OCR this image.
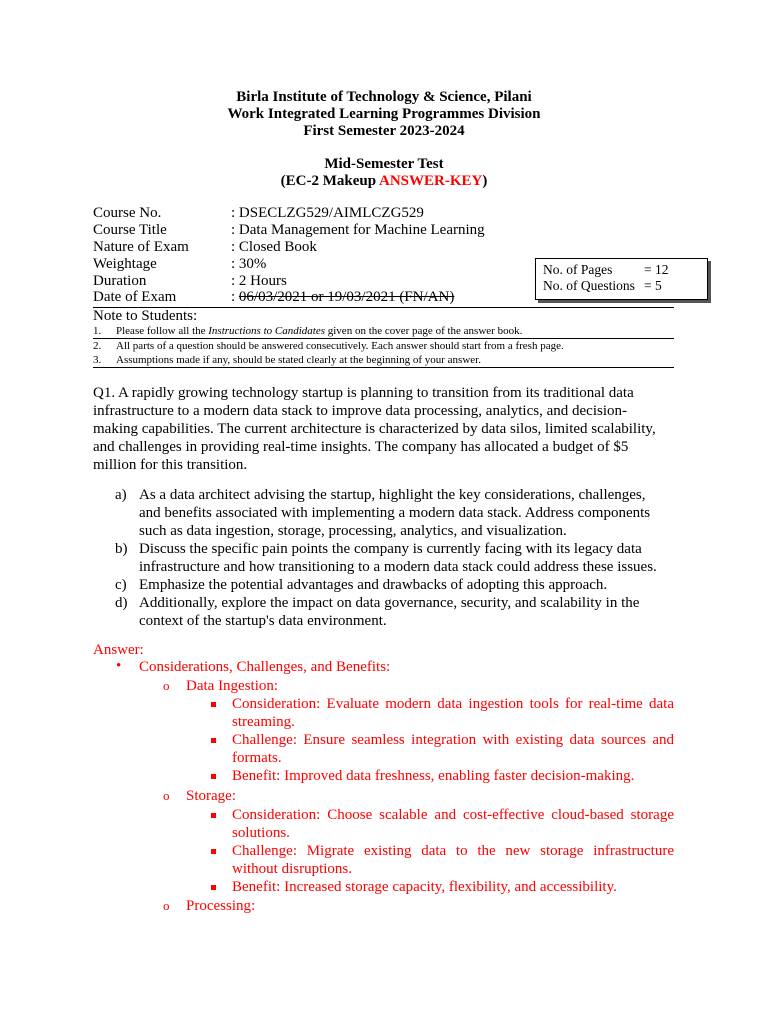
Birla Institute of Technology & Science, Pilani
Work Integrated Learning Programmes Division
First Semester 2023-2024
Mid-Semester Test
(EC-2 Makeup ANSWER-KEY)
Course No.	: DSECLZG529/AIMLCZG529
Course Title	: Data Management for Machine Learning
Nature of Exam	: Closed Book
Weightage	: 30%
Duration	: 2 Hours
Date of Exam	: 06/03/2021 or 19/03/2021 (FN/AN)
No. of Pages = 12
No. of Questions = 5
Note to Students:
1. Please follow all the Instructions to Candidates given on the cover page of the answer book.
2. All parts of a question should be answered consecutively. Each answer should start from a fresh page.
3. Assumptions made if any, should be stated clearly at the beginning of your answer.
Q1. A rapidly growing technology startup is planning to transition from its traditional data
infrastructure to a modern data stack to improve data processing, analytics, and decision-
making capabilities. The current architecture is characterized by data silos, limited scalability,
and challenges in providing real-time insights. The company has allocated a budget of $5
million for this transition.
a) As a data architect advising the startup, highlight the key considerations, challenges,
and benefits associated with implementing a modern data stack. Address components
such as data ingestion, storage, processing, analytics, and visualization.
b) Discuss the specific pain points the company is currently facing with its legacy data
infrastructure and how transitioning to a modern data stack could address these issues.
c) Emphasize the potential advantages and drawbacks of adopting this approach.
d) Additionally, explore the impact on data governance, security, and scalability in the
context of the startup's data environment.
Answer:
• Considerations, Challenges, and Benefits:
o Data Ingestion:
Consideration: Evaluate modern data ingestion tools for real-time data
streaming.
Challenge: Ensure seamless integration with existing data sources and
formats.
Benefit: Improved data freshness, enabling faster decision-making.
o Storage:
Consideration: Choose scalable and cost-effective cloud-based storage
solutions.
Challenge: Migrate existing data to the new storage infrastructure
without disruptions.
Benefit: Increased storage capacity, flexibility, and accessibility.
o Processing:
